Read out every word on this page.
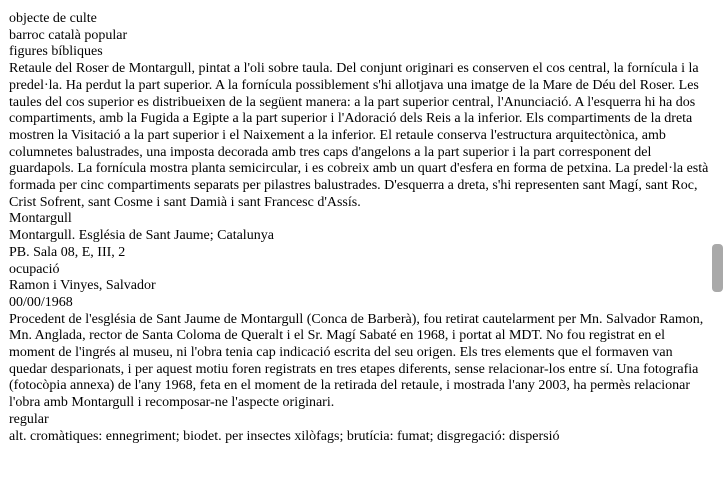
objecte de culte
barroc català popular
figures bíbliques
Retaule del Roser de Montargull, pintat a l'oli sobre taula. Del conjunt originari es conserven el cos central, la fornícula i la predel·la. Ha perdut la part superior. A la fornícula possiblement s'hi allotjava una imatge de la Mare de Déu del Roser. Les taules del cos superior es distribueixen de la següent manera: a la part superior central, l'Anunciació. A l'esquerra hi ha dos compartiments, amb la Fugida a Egipte a la part superior i l'Adoració dels Reis a la inferior. Els compartiments de la dreta mostren la Visitació a la part superior i el Naixement a la inferior. El retaule conserva l'estructura arquitectònica, amb columnetes balustrades, una imposta decorada amb tres caps d'angelons a la part superior i la part corresponent del guardapols. La fornícula mostra planta semicircular, i es cobreix amb un quart d'esfera en forma de petxina. La predel·la està formada per cinc compartiments separats per pilastres balustrades. D'esquerra a dreta, s'hi representen sant Magí, sant Roc, Crist Sofrent, sant Cosme i sant Damià i sant Francesc d'Assís.
Montargull
Montargull. Església de Sant Jaume; Catalunya
PB. Sala 08, E, III, 2
ocupació
Ramon i Vinyes, Salvador
00/00/1968
Procedent de l'església de Sant Jaume de Montargull (Conca de Barberà), fou retirat cautelarment per Mn. Salvador Ramon, Mn. Anglada, rector de Santa Coloma de Queralt i el Sr. Magí Sabaté en 1968, i portat al MDT. No fou registrat en el moment de l'ingrés al museu, ni l'obra tenia cap indicació escrita del seu origen. Els tres elements que el formaven van quedar desparionats, i per aquest motiu foren registrats en tres etapes diferents, sense relacionar-los entre sí. Una fotografia (fotocòpia annexa) de l'any 1968, feta en el moment de la retirada del retaule, i mostrada l'any 2003, ha permès relacionar l'obra amb Montargull i recomposar-ne l'aspecte originari.
regular
alt. cromàtiques: ennegriment; biodet. per insectes xilòfags; brutícia: fumat; disgregació: dispersió
